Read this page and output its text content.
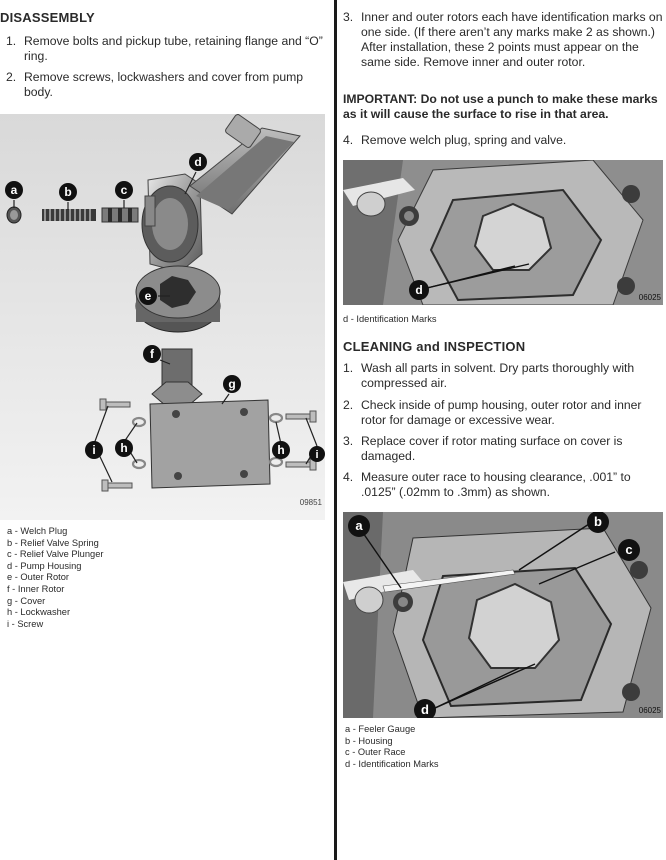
DISASSEMBLY
1. Remove bolts and pickup tube, retaining flange and “O” ring.
2. Remove screws, lockwashers and cover from pump body.
a	b	c
d
e
f
g
h
i	h	i
09851
a - Welch Plug
b - Relief Valve Spring
c - Relief Valve Plunger
d - Pump Housing
e - Outer Rotor
f - Inner Rotor
g - Cover
h - Lockwasher
i - Screw
3. Inner and outer rotors each have identification marks on one side. (If there aren’t any marks make 2 as shown.) After installation, these 2 points must appear on the same side. Remove inner and outer rotor.
IMPORTANT: Do not use a punch to make these marks as it will cause the surface to rise in that area.
4. Remove welch plug, spring and valve.
d
06025
d - Identification Marks
CLEANING and INSPECTION
1. Wash all parts in solvent. Dry parts thoroughly with compressed air.
2. Check inside of pump housing, outer rotor and inner rotor for damage or excessive wear.
3. Replace cover if rotor mating surface on cover is damaged.
4. Measure outer race to housing clearance, .001” to .0125” (.02mm to .3mm) as shown.
a	b
c
d	06025
a - Feeler Gauge
b - Housing
c - Outer Race
d - Identification Marks
